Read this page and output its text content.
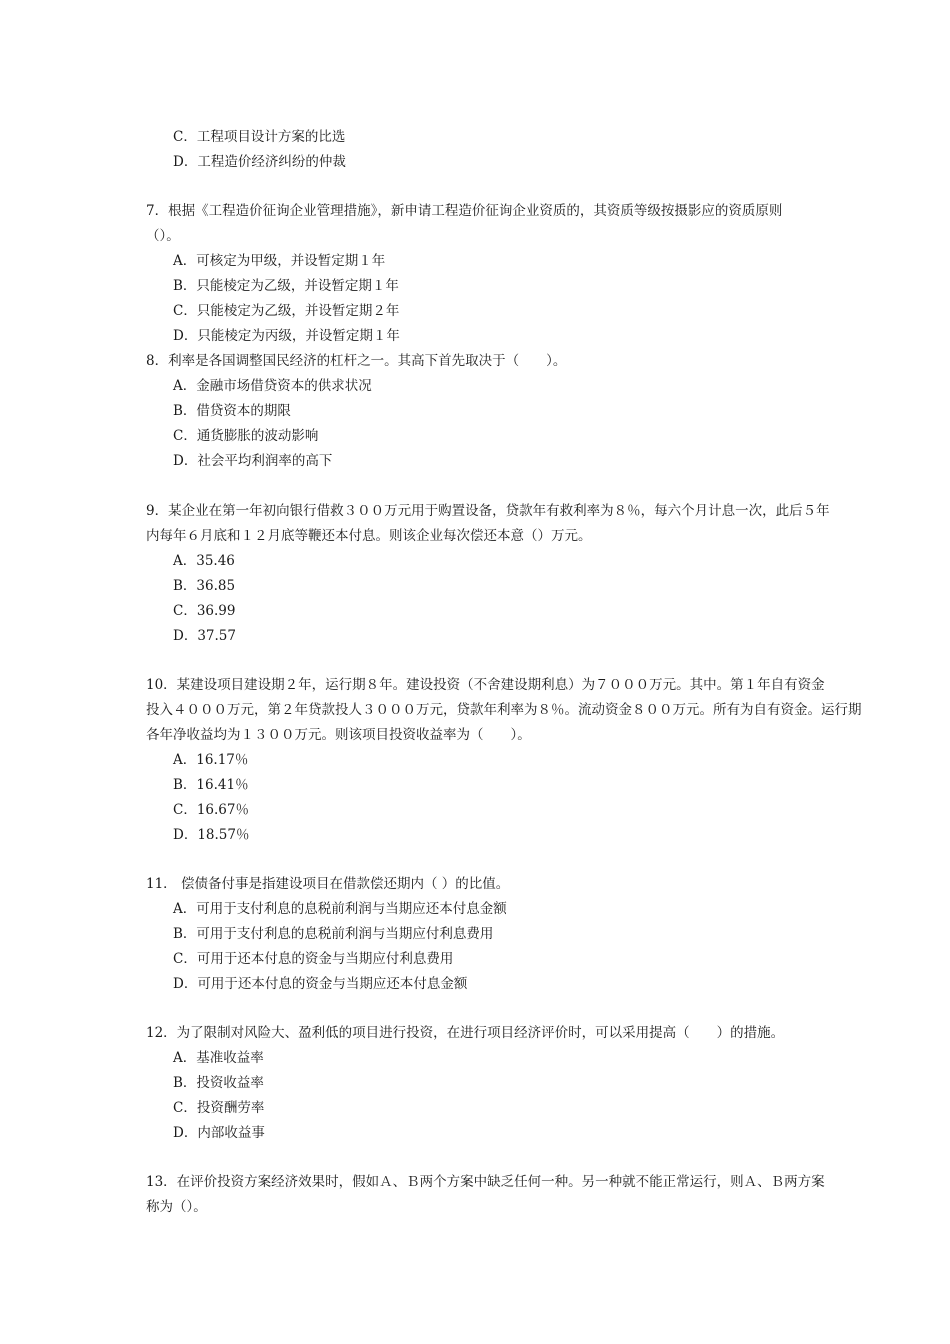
C．工程项目设计方案的比选
D．工程造价经济纠纷的仲裁
7．根据《工程造价征询企业管理措施》，新申请工程造价征询企业资质的，其资质等级按摄影应的资质原则
（）。
A．可核定为甲级，并设暂定期１年
B．只能棱定为乙级，并设暂定期１年
C．只能棱定为乙级，并设暂定期２年
D．只能棱定为丙级，并设暂定期１年
8．利率是各国调整国民经济的杠杆之一。其高下首先取决于（　　）。
A．金融市场借贷资本的供求状况
B．借贷资本的期限
C．通货膨胀的波动影响
D．社会平均利润率的高下
9．某企业在第一年初向银行借救３００万元用于购置设备，贷款年有救利率为８％，每六个月计息一次，此后５年
内每年６月底和１２月底等鞭还本付息。则该企业每次偿还本意（）万元。
A．35.46
B．36.85
C．36.99
D．37.57
10．某建设项目建设期２年，运行期８年。建设投资（不舍建设期利息）为７０００万元。其中。第１年自有资金
投入４０００万元，第２年贷款投人３０００万元，贷款年利率为８％。流动资金８００万元。所有为自有资金。运行期
各年净收益均为１３００万元。则该项目投资收益率为（　　）。
A．16.17％
B．16.41％
C．16.67％
D．18.57％
11． 偿债备付事是指建设项目在借款偿还期内（ ）的比值。
A．可用于支付利息的息税前利润与当期应还本付息金额
B．可用于支付利息的息税前利润与当期应付利息费用
C．可用于还本付息的资金与当期应付利息费用
D．可用于还本付息的资金与当期应还本付息金额
12．为了限制对风险大、盈利低的项目进行投资，在进行项目经济评价时，可以采用提高（　　）的措施。
A．基准收益率
B．投资收益率
C．投资酬劳率
D．内部收益事
13．在评价投资方案经济效果时，假如Ａ、Ｂ两个方案中缺乏任何一种。另一种就不能正常运行，则Ａ、Ｂ两方案
称为（）。
